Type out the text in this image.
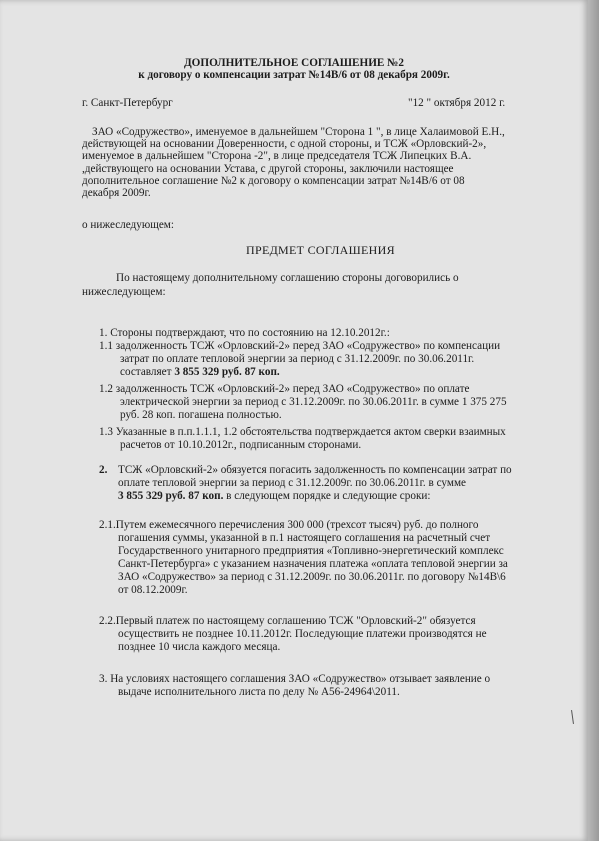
ДОПОЛНИТЕЛЬНОЕ СОГЛАШЕНИЕ №2
к договору о компенсации затрат №14В/6 от 08 декабря 2009г.
г. Санкт-Петербург	"12 " октября 2012 г.
ЗАО «Содружество», именуемое в дальнейшем "Сторона 1 ", в лице Халаимовой Е.Н.,
действующей на основании Доверенности, с одной стороны, и ТСЖ «Орловский-2»,
именуемое в дальнейшем "Сторона -2", в лице председателя ТСЖ Липецких В.А.
,действующего на основании Устава, с другой стороны, заключили настоящее
дополнительное соглашение №2 к договору о компенсации затрат №14В/6 от 08
декабря 2009г.
о нижеследующем:
ПРЕДМЕТ СОГЛАШЕНИЯ
По настоящему дополнительному соглашению стороны договорились о
нижеследующем:
1. Стороны подтверждают, что по состоянию на 12.10.2012г.:
1.1 задолженность ТСЖ «Орловский-2» перед ЗАО «Содружество» по компенсации
затрат по оплате тепловой энергии за период с 31.12.2009г. по 30.06.2011г.
составляет 3 855 329 руб. 87 коп.
1.2 задолженность ТСЖ «Орловский-2» перед ЗАО «Содружество» по оплате
электрической энергии за период с 31.12.2009г. по 30.06.2011г. в сумме 1 375 275
руб. 28 коп. погашена полностью.
1.3 Указанные в п.п.1.1.1, 1.2 обстоятельства подтверждается актом сверки взаимных
расчетов от 10.10.2012г., подписанным сторонами.
2. ТСЖ «Орловский-2» обязуется погасить задолженность по компенсации затрат по
оплате тепловой энергии за период с 31.12.2009г. по 30.06.2011г. в сумме
3 855 329 руб. 87 коп. в следующем порядке и следующие сроки:
2.1.Путем ежемесячного перечисления 300 000 (трехсот тысяч) руб. до полного
погашения суммы, указанной в п.1 настоящего соглашения на расчетный счет
Государственного унитарного предприятия «Топливно-энергетический комплекс
Санкт-Петербурга» с указанием назначения платежа «оплата тепловой энергии за
ЗАО «Содружество» за период с 31.12.2009г. по 30.06.2011г. по договору №14В\6
от 08.12.2009г.
2.2.Первый платеж по настоящему соглашению ТСЖ "Орловский-2" обязуется
осуществить не позднее 10.11.2012г. Последующие платежи производятся не
позднее 10 числа каждого месяца.
3. На условиях настоящего соглашения ЗАО «Содружество» отзывает заявление о
выдаче исполнительного листа по делу № А56-24964\2011.
